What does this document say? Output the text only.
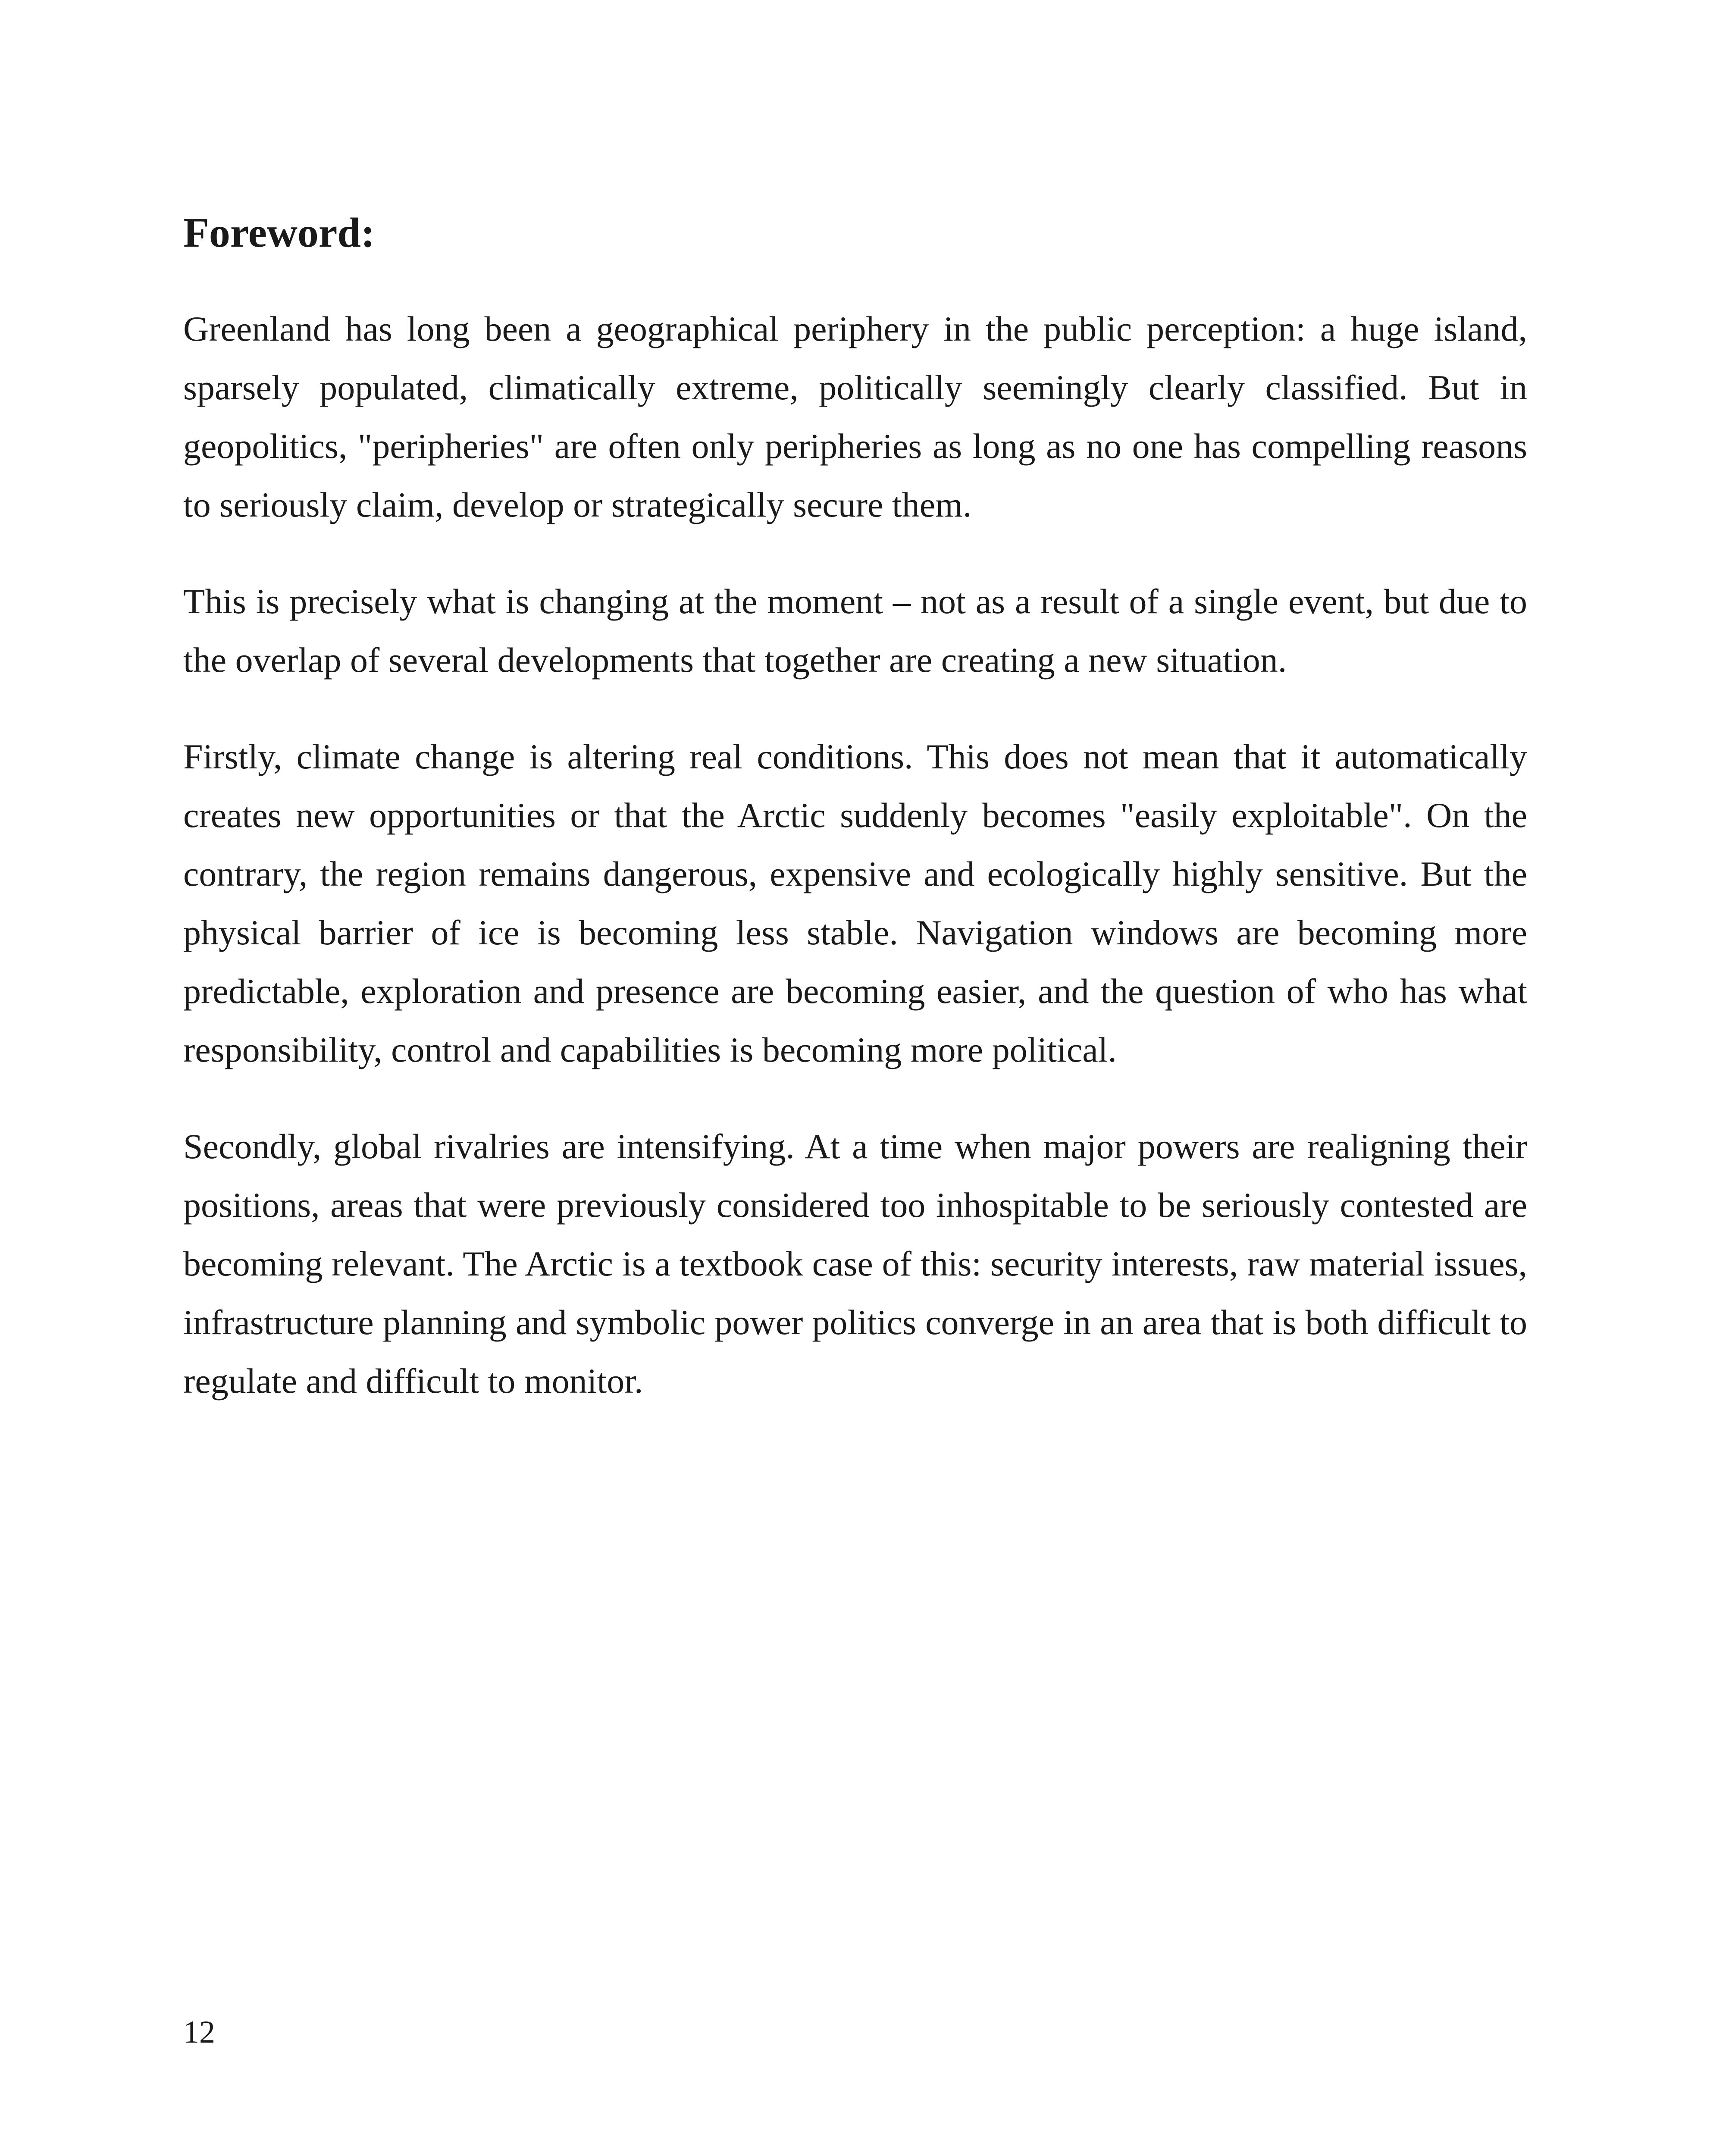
Foreword:

Greenland has long been a geographical periphery in the public perception: a huge island, sparsely populated, climatically extreme, politically seemingly clearly classified. But in geopolitics, "peripheries" are often only peripheries as long as no one has compelling reasons to seriously claim, develop or strategically secure them.

This is precisely what is changing at the moment – not as a result of a single event, but due to the overlap of several developments that together are creating a new situation.

Firstly, climate change is altering real conditions. This does not mean that it automatically creates new opportunities or that the Arctic suddenly becomes "easily exploitable". On the contrary, the region remains dangerous, expensive and ecologically highly sensitive. But the physical barrier of ice is becoming less stable. Navigation windows are becoming more predictable, exploration and presence are becoming easier, and the question of who has what responsibility, control and capabilities is becoming more political.

Secondly, global rivalries are intensifying. At a time when major powers are realigning their positions, areas that were previously considered too inhospitable to be seriously contested are becoming relevant. The Arctic is a textbook case of this: security interests, raw material issues, infrastructure planning and symbolic power politics converge in an area that is both difficult to regulate and difficult to monitor.

12
